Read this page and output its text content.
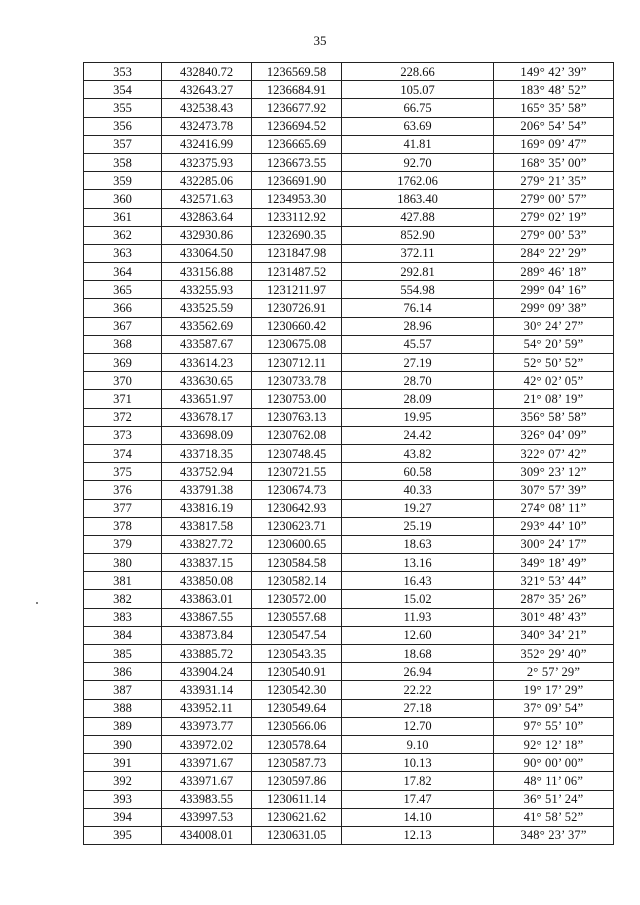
35
353	432840.72	1236569.58	228.66	149° 42’ 39”
354	432643.27	1236684.91	105.07	183° 48’ 52”
355	432538.43	1236677.92	66.75	165° 35’ 58”
356	432473.78	1236694.52	63.69	206° 54’ 54”
357	432416.99	1236665.69	41.81	169° 09’ 47”
358	432375.93	1236673.55	92.70	168° 35’ 00”
359	432285.06	1236691.90	1762.06	279° 21’ 35”
360	432571.63	1234953.30	1863.40	279° 00’ 57”
361	432863.64	1233112.92	427.88	279° 02’ 19”
362	432930.86	1232690.35	852.90	279° 00’ 53”
363	433064.50	1231847.98	372.11	284° 22’ 29”
364	433156.88	1231487.52	292.81	289° 46’ 18”
365	433255.93	1231211.97	554.98	299° 04’ 16”
366	433525.59	1230726.91	76.14	299° 09’ 38”
367	433562.69	1230660.42	28.96	30° 24’ 27”
368	433587.67	1230675.08	45.57	54° 20’ 59”
369	433614.23	1230712.11	27.19	52° 50’ 52”
370	433630.65	1230733.78	28.70	42° 02’ 05”
371	433651.97	1230753.00	28.09	21° 08’ 19”
372	433678.17	1230763.13	19.95	356° 58’ 58”
373	433698.09	1230762.08	24.42	326° 04’ 09”
374	433718.35	1230748.45	43.82	322° 07’ 42”
375	433752.94	1230721.55	60.58	309° 23’ 12”
376	433791.38	1230674.73	40.33	307° 57’ 39”
377	433816.19	1230642.93	19.27	274° 08’ 11”
378	433817.58	1230623.71	25.19	293° 44’ 10”
379	433827.72	1230600.65	18.63	300° 24’ 17”
380	433837.15	1230584.58	13.16	349° 18’ 49”
381	433850.08	1230582.14	16.43	321° 53’ 44”
382	433863.01	1230572.00	15.02	287° 35’ 26”
383	433867.55	1230557.68	11.93	301° 48’ 43”
384	433873.84	1230547.54	12.60	340° 34’ 21”
385	433885.72	1230543.35	18.68	352° 29’ 40”
386	433904.24	1230540.91	26.94	2° 57’ 29”
387	433931.14	1230542.30	22.22	19° 17’ 29”
388	433952.11	1230549.64	27.18	37° 09’ 54”
389	433973.77	1230566.06	12.70	97° 55’ 10”
390	433972.02	1230578.64	9.10	92° 12’ 18”
391	433971.67	1230587.73	10.13	90° 00’ 00”
392	433971.67	1230597.86	17.82	48° 11’ 06”
393	433983.55	1230611.14	17.47	36° 51’ 24”
394	433997.53	1230621.62	14.10	41° 58’ 52”
395	434008.01	1230631.05	12.13	348° 23’ 37”
